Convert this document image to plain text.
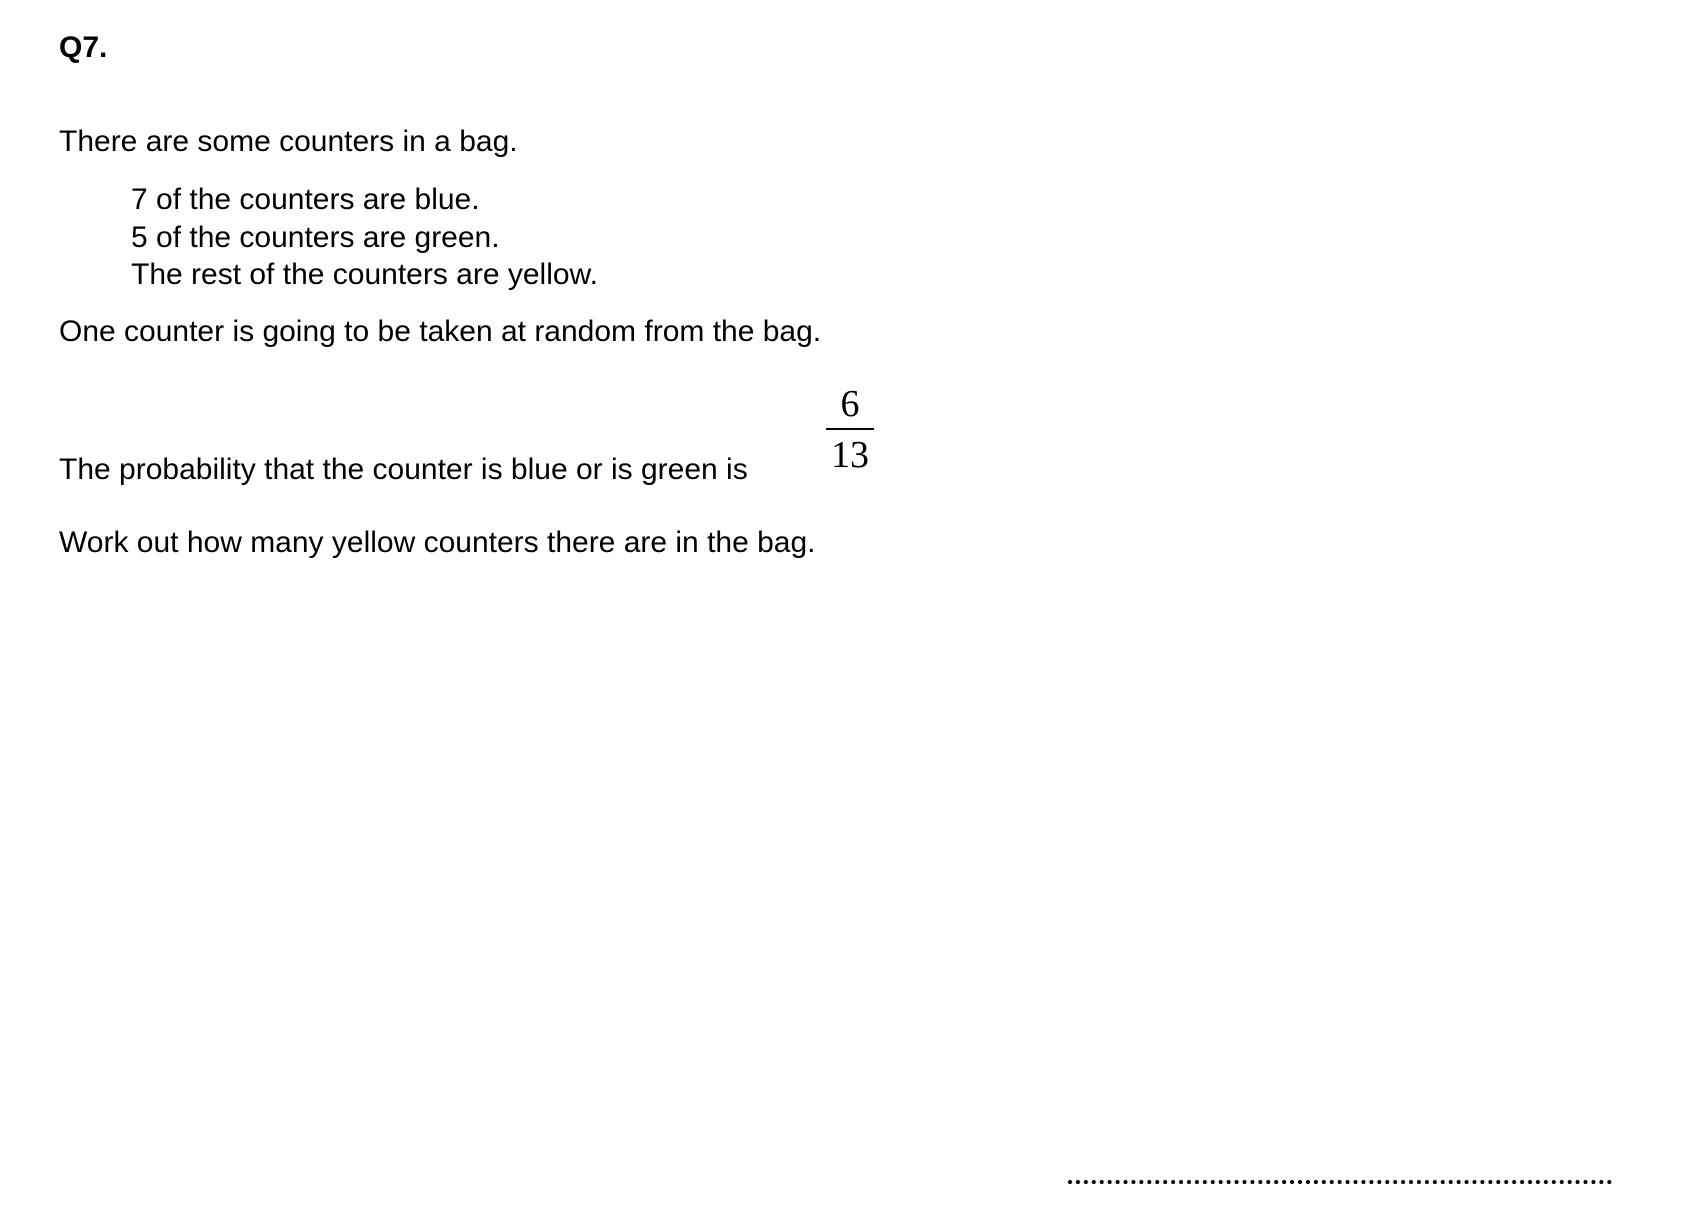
Q7.

There are some counters in a bag.

7 of the counters are blue.
5 of the counters are green.
The rest of the counters are yellow.

One counter is going to be taken at random from the bag.

The probability that the counter is blue or is green is

6
13

Work out how many yellow counters there are in the bag.
